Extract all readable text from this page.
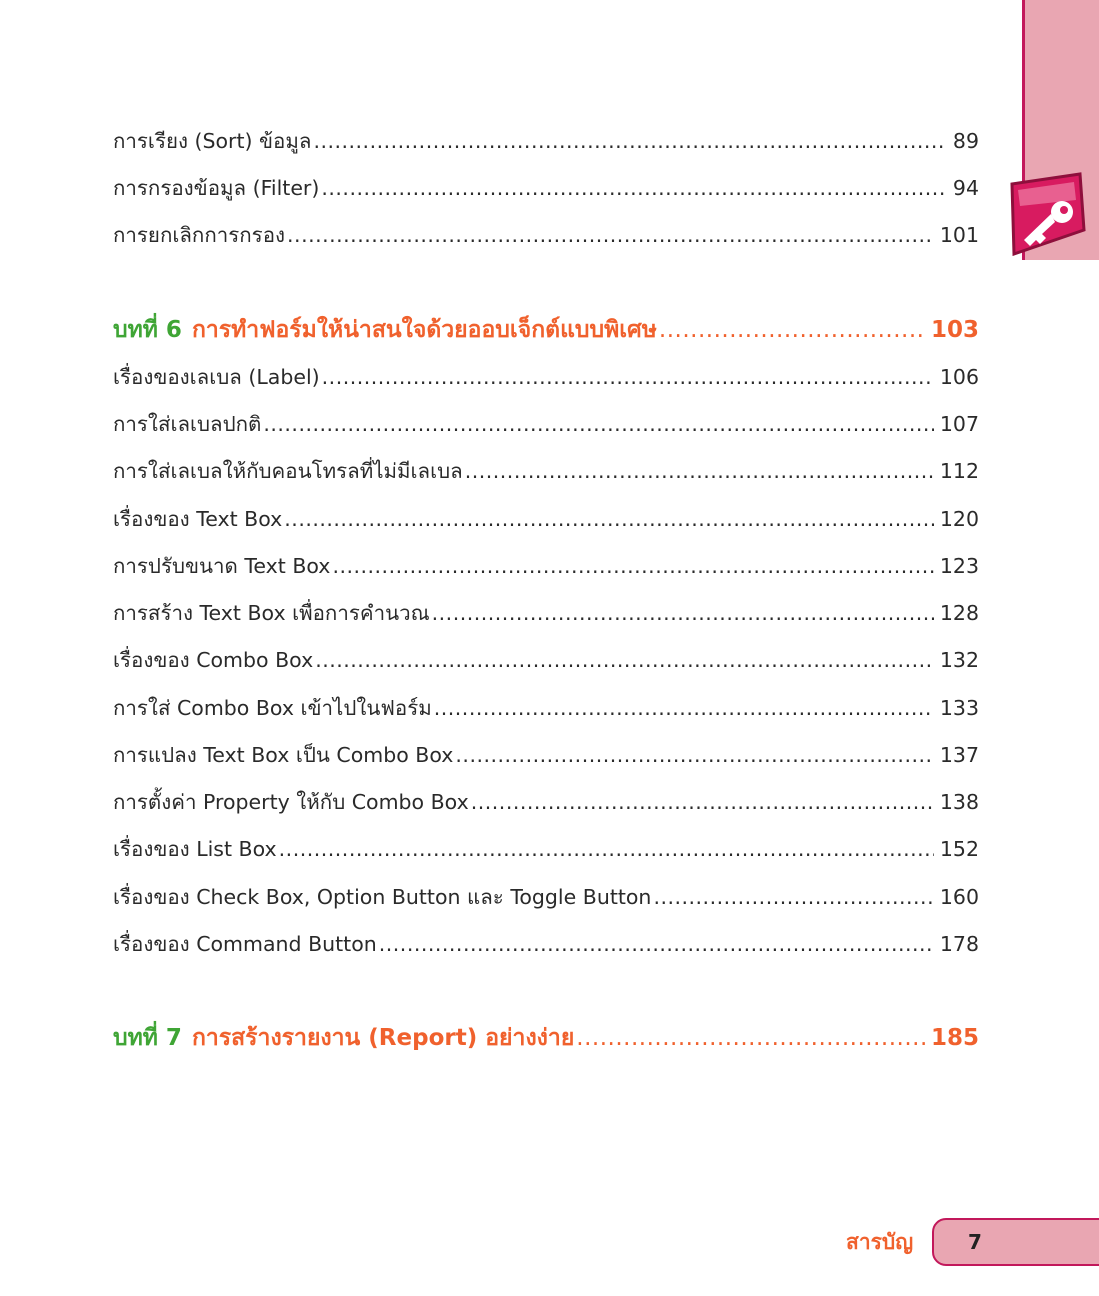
การเรียง (Sort) ข้อมูล .....	89
การกรองข้อมูล (Filter) .....	94
การยกเลิกการกรอง .....	101
บทที่ 6 การทำฟอร์มให้น่าสนใจด้วยออบเจ็กต์แบบพิเศษ .....	103
เรื่องของเลเบล (Label) .....	106
การใส่เลเบลปกติ .....	107
การใส่เลเบลให้กับคอนโทรลที่ไม่มีเลเบล .....	112
เรื่องของ Text Box .....	120
การปรับขนาด Text Box .....	123
การสร้าง Text Box เพื่อการคำนวณ .....	128
เรื่องของ Combo Box .....	132
การใส่ Combo Box เข้าไปในฟอร์ม .....	133
การแปลง Text Box เป็น Combo Box .....	137
การตั้งค่า Property ให้กับ Combo Box .....	138
เรื่องของ List Box .....	152
เรื่องของ Check Box, Option Button และ Toggle Button .....	160
เรื่องของ Command Button .....	178
บทที่ 7 การสร้างรายงาน (Report) อย่างง่าย .....	185
สารบัญ	7
